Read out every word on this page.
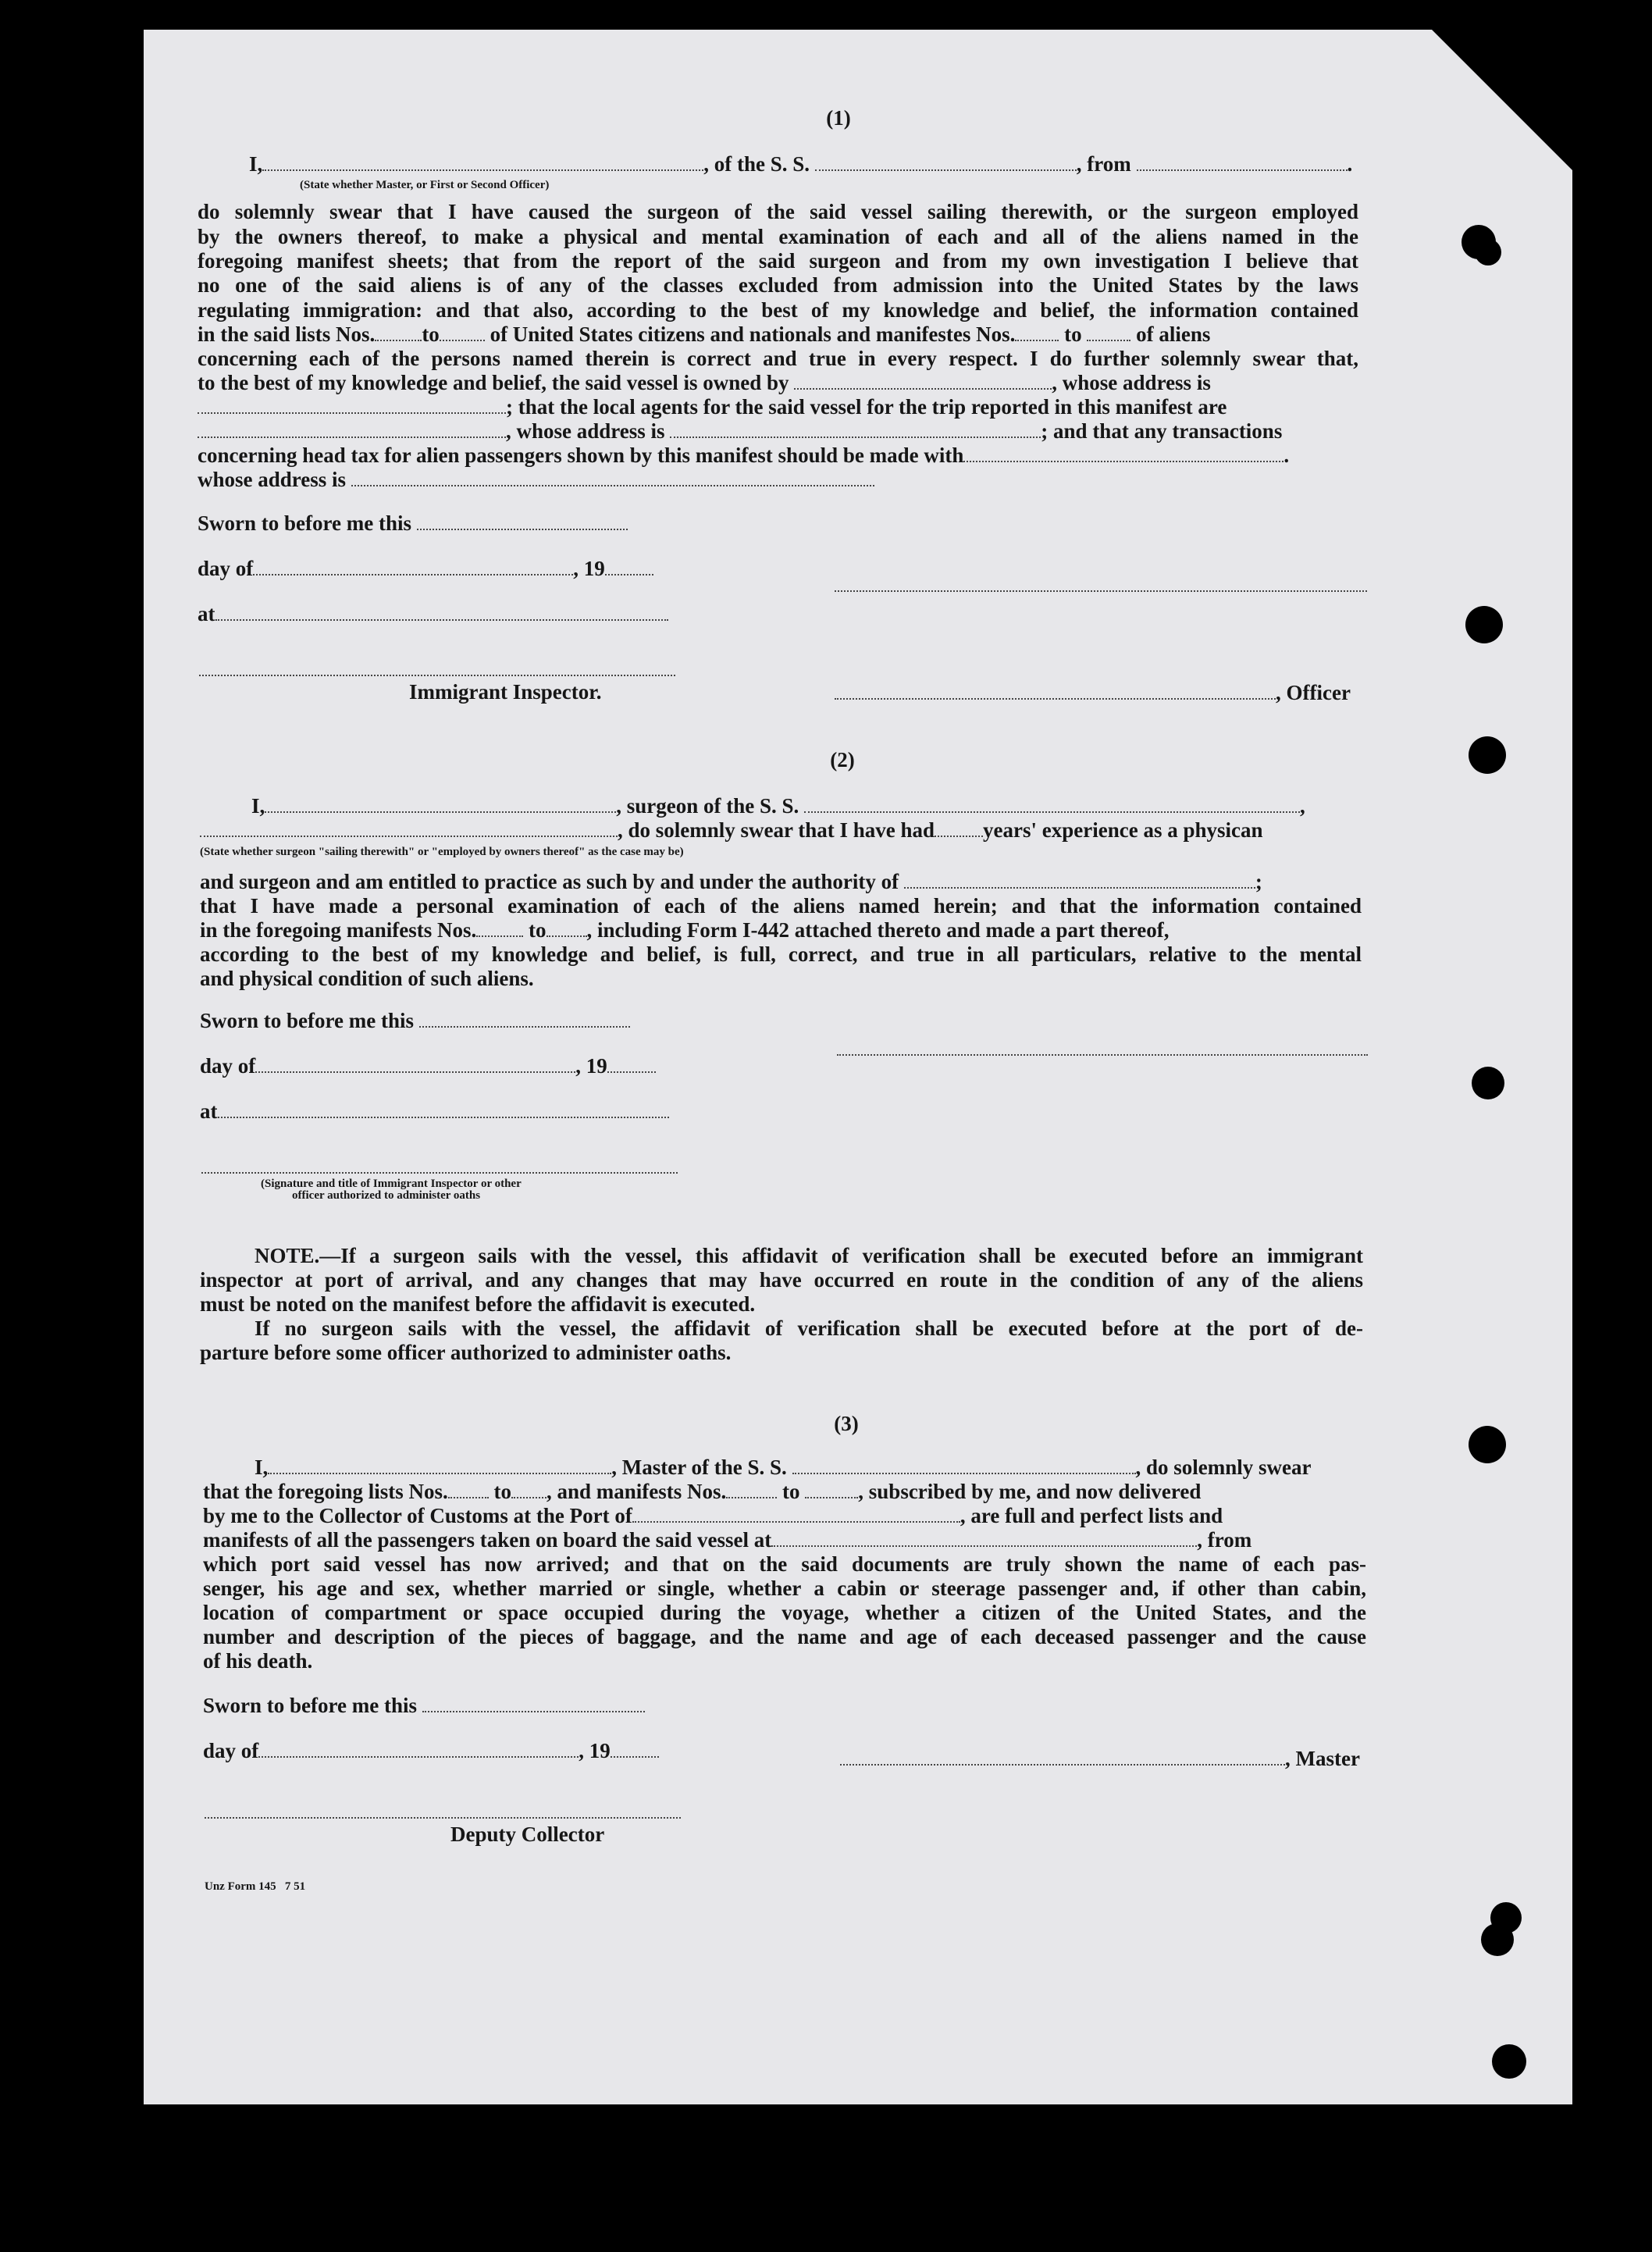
(1)
I,	, of the S. S.	, from	.
(State whether Master, or First or Second Officer)
do solemnly swear that I have caused the surgeon of the said vessel sailing therewith, or the surgeon employed
by the owners thereof, to make a physical and mental examination of each and all of the aliens named in the
foregoing manifest sheets; that from the report of the said surgeon and from my own investigation I believe that
no one of the said aliens is of any of the classes excluded from admission into the United States by the laws
regulating immigration: and that also, according to the best of my knowledge and belief, the information contained
in the said lists Nos. to of United States citizens and nationals and manifestes Nos. to	of aliens
concerning each of the persons named therein is correct and true in every respect. I do further solemnly swear that,
to the best of my knowledge and belief, the said vessel is owned by	, whose address is
; that the local agents for the said vessel for the trip reported in this manifest are
, whose address is	; and that any transactions
concerning head tax for alien passengers shown by this manifest should be made with	.
whose address is
Sworn to before me this
day of	, 19
at
Immigrant Inspector.	, Officer
(2)
I,	, surgeon of the S. S.	,
, do solemnly swear that I have had years' experience as a physican
(State whether surgeon "sailing therewith" or "employed by owners thereof" as the case may be)
and surgeon and am entitled to practice as such by and under the authority of	;
that I have made a personal examination of each of the aliens named herein; and that the information contained
in the foregoing manifests Nos. to , including Form I-442 attached thereto and made a part thereof,
according to the best of my knowledge and belief, is full, correct, and true in all particulars, relative to the mental
and physical condition of such aliens.
Sworn to before me this
day of	, 19
at
(Signature and title of Immigrant Inspector or other
officer authorized to administer oaths
NOTE.—If a surgeon sails with the vessel, this affidavit of verification shall be executed before an immigrant
inspector at port of arrival, and any changes that may have occurred en route in the condition of any of the aliens
must be noted on the manifest before the affidavit is executed.
If no surgeon sails with the vessel, the affidavit of verification shall be executed before at the port of de-
parture before some officer authorized to administer oaths.
(3)
I,	, Master of the S. S.	, do solemnly swear
that the foregoing lists Nos. to , and manifests Nos.	to	, subscribed by me, and now delivered
by me to the Collector of Customs at the Port of	, are full and perfect lists and
manifests of all the passengers taken on board the said vessel at	, from
which port said vessel has now arrived; and that on the said documents are truly shown the name of each pas-
senger, his age and sex, whether married or single, whether a cabin or steerage passenger and, if other than cabin,
location of compartment or space occupied during the voyage, whether a citizen of the United States, and the
number and description of the pieces of baggage, and the name and age of each deceased passenger and the cause
of his death.
Sworn to before me this
day of	, 19	, Master
Deputy Collector
Unz Form 145   7 51
